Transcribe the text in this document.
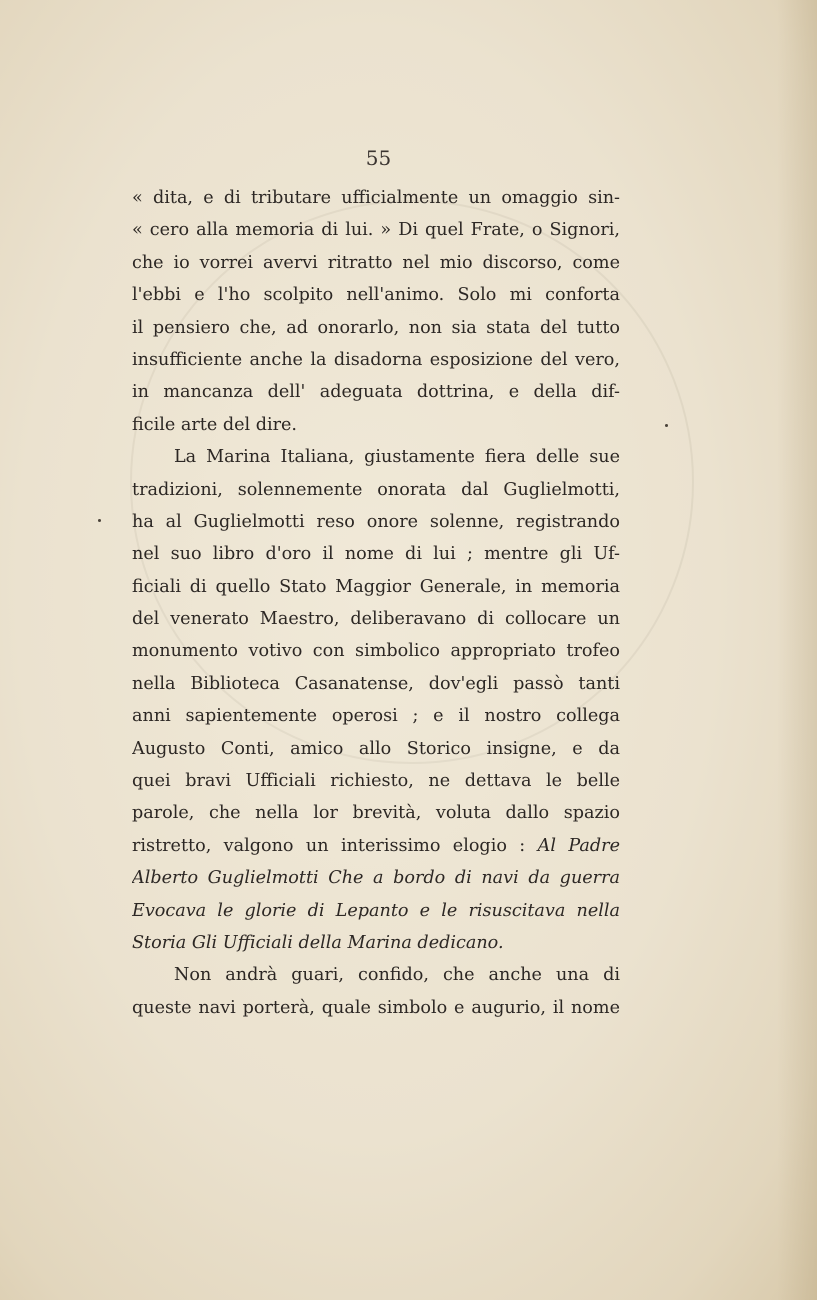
55
« dita, e di tributare ufficialmente un omaggio sin-
« cero alla memoria di lui. » Di quel Frate, o Signori,
che io vorrei avervi ritratto nel mio discorso, come
l'ebbi e l'ho scolpito nell'animo. Solo mi conforta
il pensiero che, ad onorarlo, non sia stata del tutto
insufficiente anche la disadorna esposizione del vero,
in mancanza dell' adeguata dottrina, e della dif-
ficile arte del dire.
La Marina Italiana, giustamente fiera delle sue
tradizioni, solennemente onorata dal Guglielmotti,
ha al Guglielmotti reso onore solenne, registrando
nel suo libro d'oro il nome di lui ; mentre gli Uf-
ficiali di quello Stato Maggior Generale, in memoria
del venerato Maestro, deliberavano di collocare un
monumento votivo con simbolico appropriato trofeo
nella Biblioteca Casanatense, dov'egli passò tanti
anni sapientemente operosi ; e il nostro collega
Augusto Conti, amico allo Storico insigne, e da
quei bravi Ufficiali richiesto, ne dettava le belle
parole, che nella lor brevità, voluta dallo spazio
ristretto, valgono un interissimo elogio : Al Padre
Alberto Guglielmotti Che a bordo di navi da guerra
Evocava le glorie di Lepanto e le risuscitava nella
Storia Gli Ufficiali della Marina dedicano.
Non andrà guari, confido, che anche una di
queste navi porterà, quale simbolo e augurio, il nome
